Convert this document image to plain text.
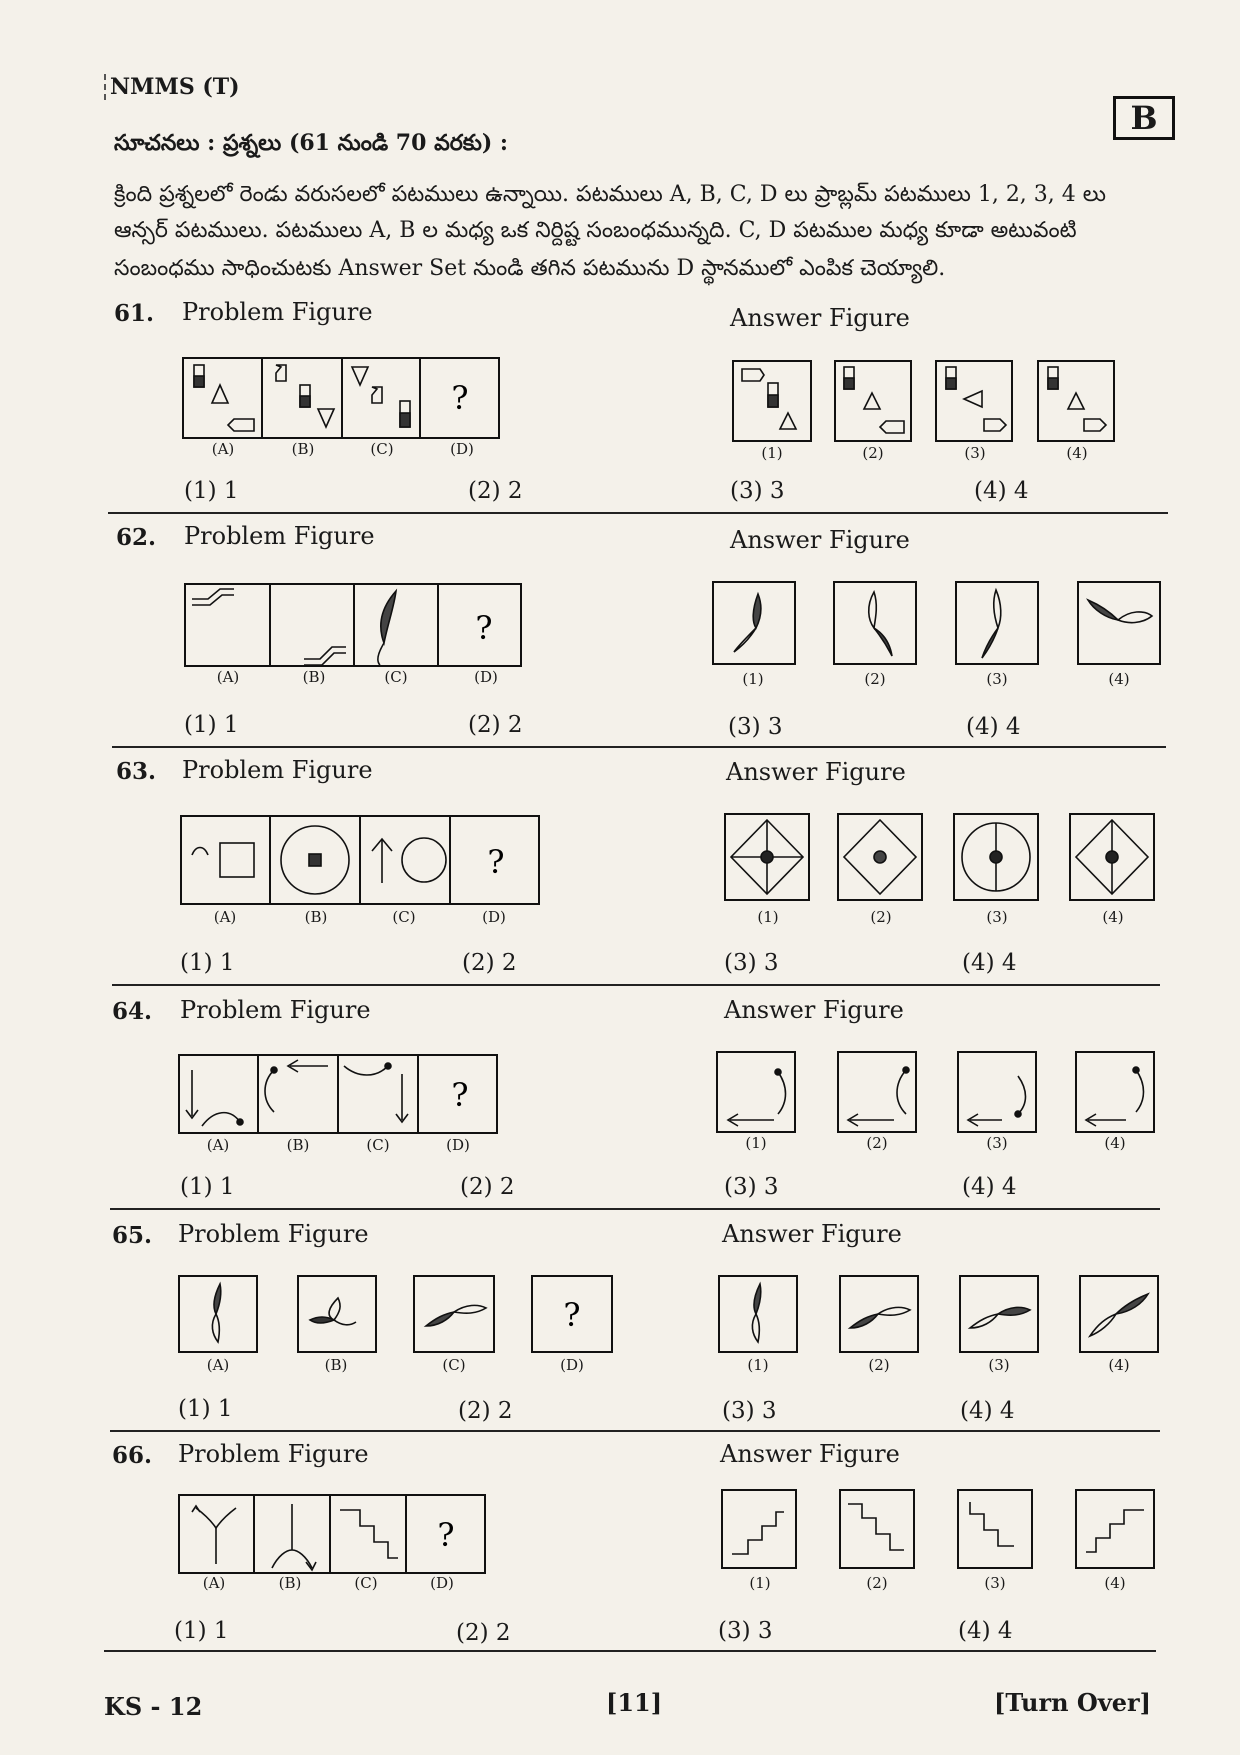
NMMS (T)
B
సూచనలు : ప్రశ్నలు (61 నుండి 70 వరకు) :
క్రింది ప్రశ్నలలో రెండు వరుసలలో పటములు ఉన్నాయి. పటములు A, B, C, D లు ప్రాబ్లమ్ పటములు 1, 2, 3, 4 లు
ఆన్సర్ పటములు. పటములు A, B ల మధ్య ఒక నిర్దిష్ట సంబంధమున్నది. C, D పటముల మధ్య కూడా అటువంటి
సంబంధము సాధించుటకు Answer Set నుండి తగిన పటమును D స్థానములో ఎంపిక చెయ్యాలి.
61. Problem Figure	Answer Figure
?
(A)	(B)	(C)	(D)	(1)	(2)	(3)	(4)
(1) 1	(2) 2	(3) 3	(4) 4
62. Problem Figure	Answer Figure
?
(A)	(B)	(C)	(D)	(1)	(2)	(3)	(4)
(1) 1	(2) 2	(3) 3	(4) 4
63. Problem Figure	Answer Figure
?
(A)	(B)	(C)	(D)	(1)	(2)	(3)	(4)
(1) 1	(2) 2	(3) 3	(4) 4
64. Problem Figure	Answer Figure
?
(A)	(B)	(C)	(D)	(1)	(2)	(3)	(4)
(1) 1	(2) 2	(3) 3	(4) 4
65. Problem Figure	Answer Figure
?
(A)	(B)	(C)	(D)	(1)	(2)	(3)	(4)
(1) 1	(2) 2	(3) 3	(4) 4
66. Problem Figure	Answer Figure
?
(A)	(B)	(C)	(D)	(1)	(2)	(3)	(4)
(1) 1	(2) 2	(3) 3	(4) 4
KS - 12	[11]	[Turn Over]
